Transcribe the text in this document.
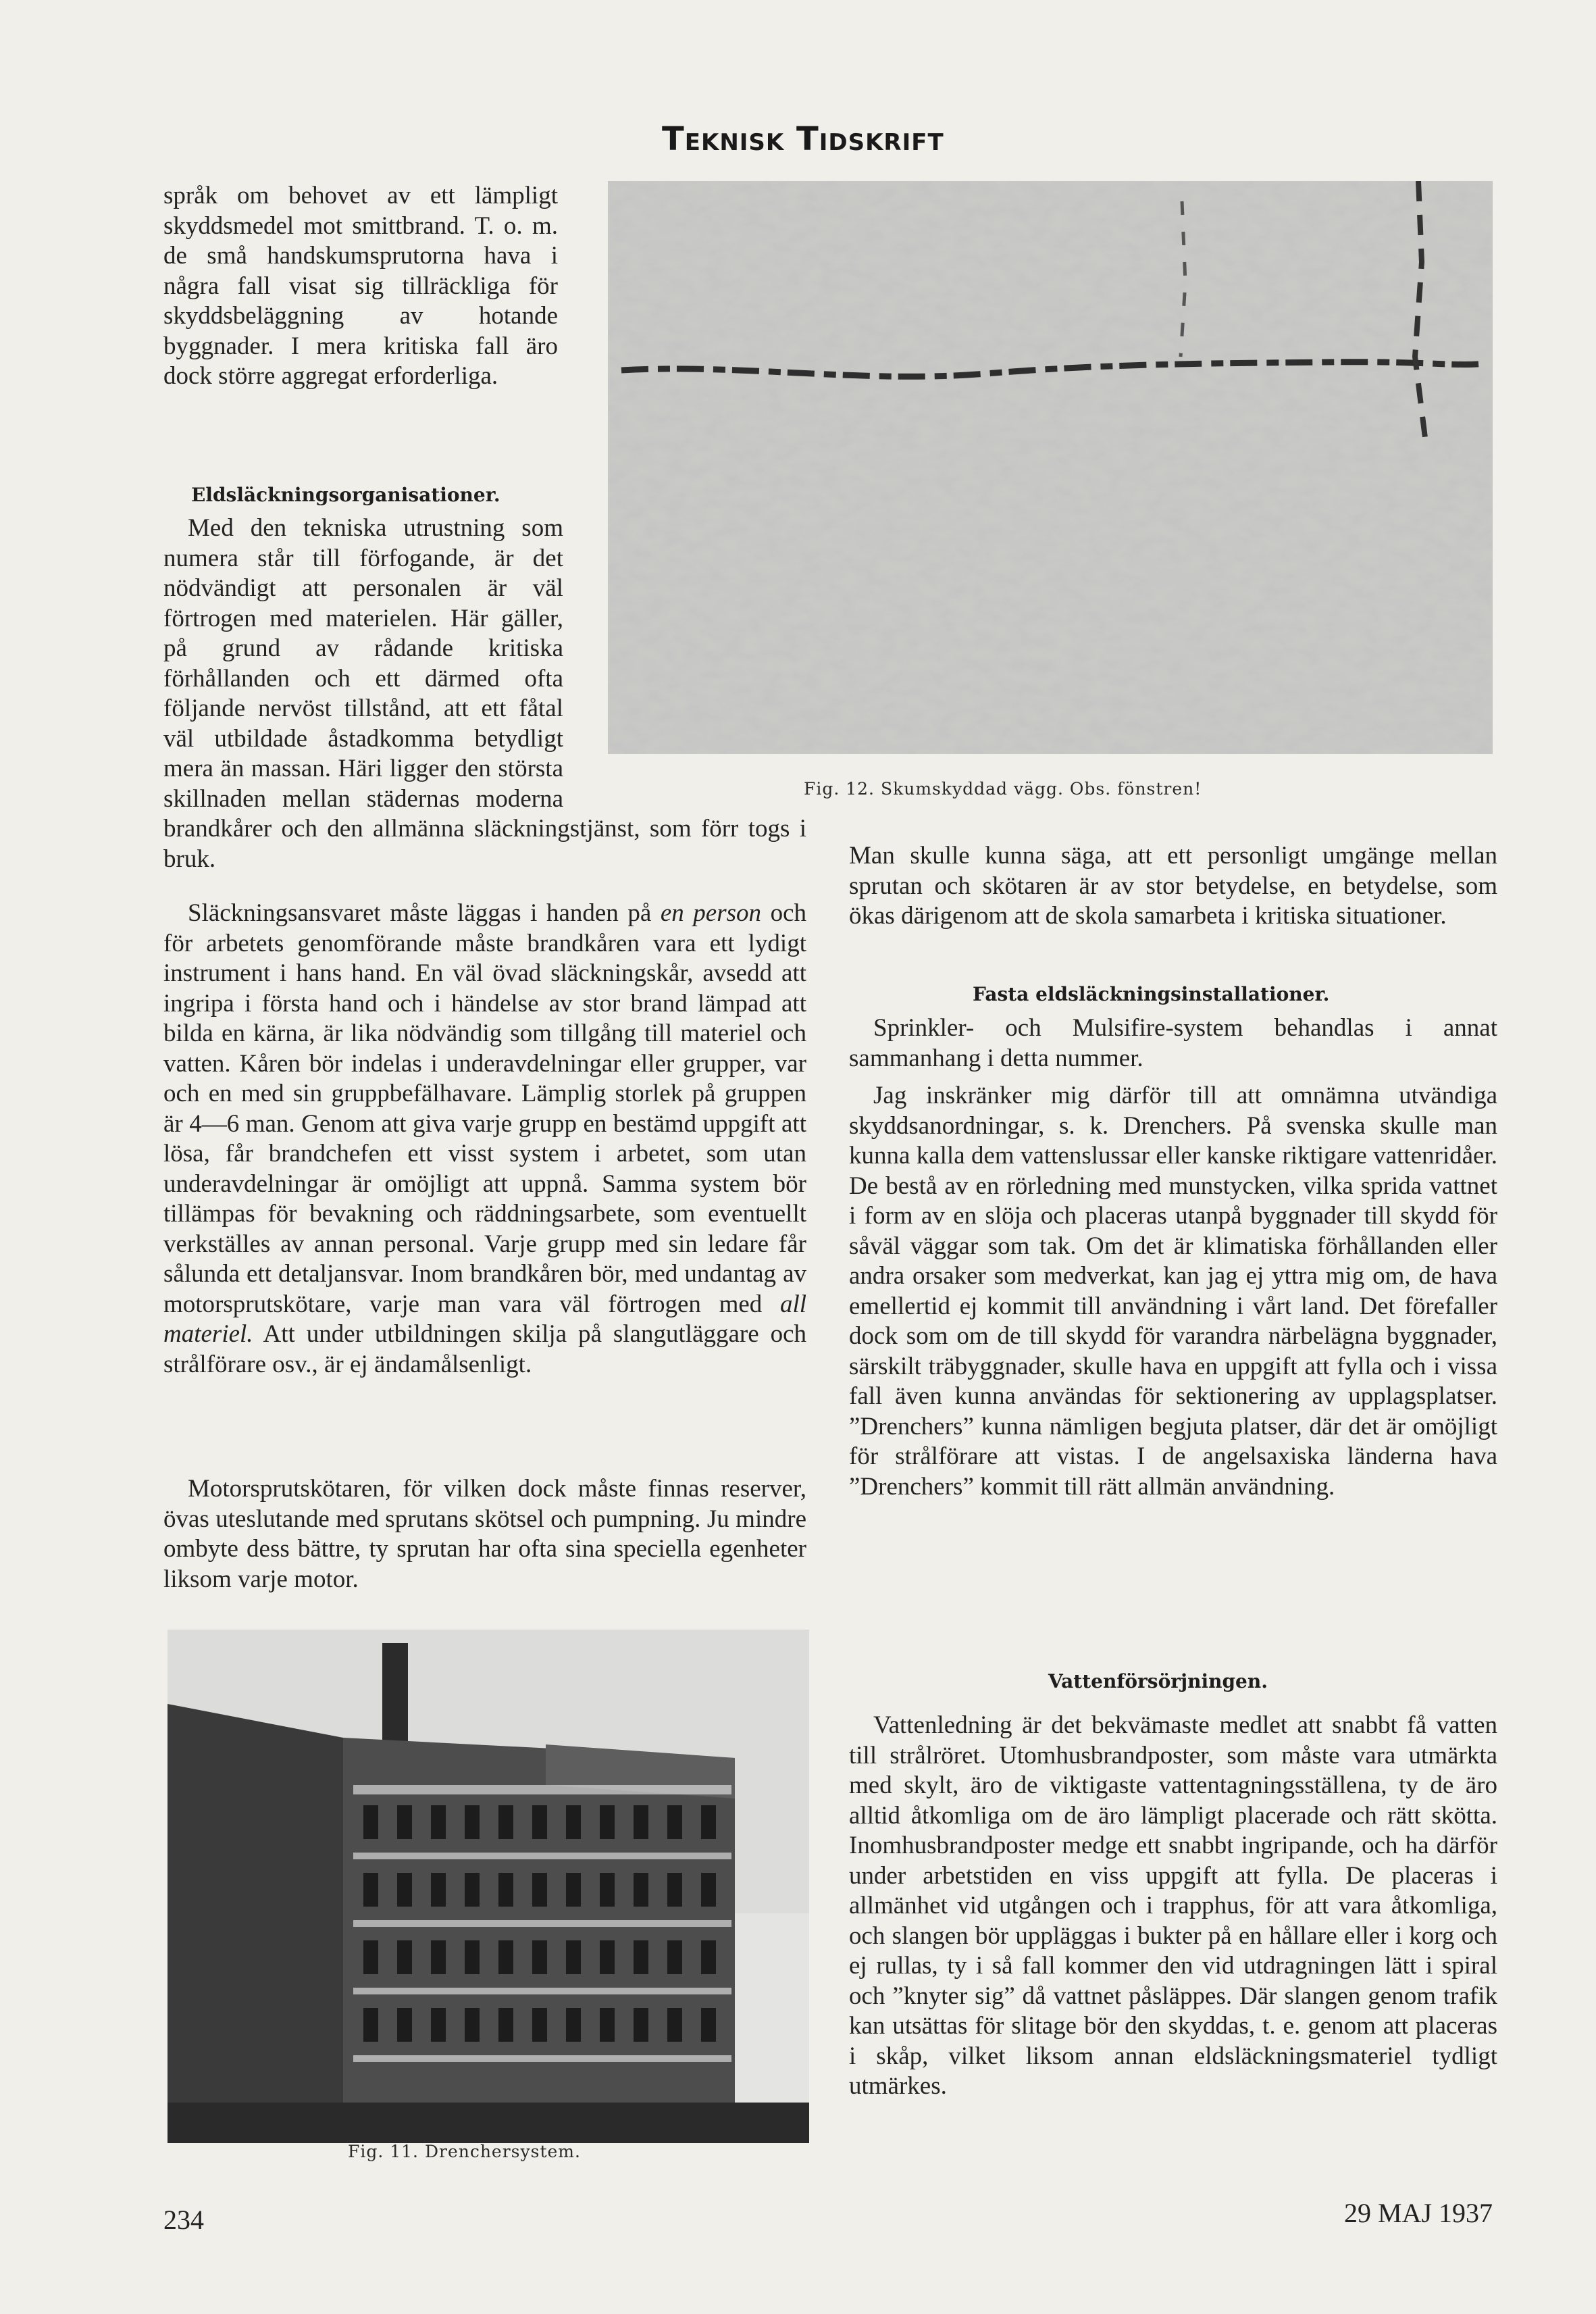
Teknisk Tidskrift

språk om behovet av ett lämpligt skyddsmedel mot smittbrand. T. o. m. de små handskumsprutorna hava i några fall visat sig tillräckliga för skyddsbeläggning av hotande byggnader. I mera kritiska fall äro dock större aggregat erforderliga.

Eldsläckningsorganisationer.

Med den tekniska utrustning som numera står till förfogande, är det nödvändigt att personalen är väl förtrogen med materielen. Här gäller, på grund av rådande kritiska förhållanden och ett därmed ofta följande nervöst tillstånd, att ett fåtal väl utbildade åstadkomma betydligt mera än massan. Häri ligger den största skillnaden mellan städernas moderna brandkårer och den allmänna släckningstjänst, som förr togs i bruk.
Släckningsansvaret måste läggas i handen på en person och för arbetets genomförande måste brandkåren vara ett lydigt instrument i hans hand. En väl övad släckningskår, avsedd att ingripa i första hand och i händelse av stor brand lämpad att bilda en kärna, är lika nödvändig som tillgång till materiel och vatten. Kåren bör indelas i underavdelningar eller grupper, var och en med sin gruppbefälhavare. Lämplig storlek på gruppen är 4—6 man. Genom att giva varje grupp en bestämd uppgift att lösa, får brandchefen ett visst system i arbetet, som utan underavdelningar är omöjligt att uppnå. Samma system bör tillämpas för bevakning och räddningsarbete, som eventuellt verkställes av annan personal. Varje grupp med sin ledare får sålunda ett detaljansvar. Inom brandkåren bör, med undantag av motorsprutskötare, varje man vara väl förtrogen med all materiel. Att under utbildningen skilja på slangutläggare och strålförare osv., är ej ändamålsenligt.

Motorsprutskötaren, för vilken dock måste finnas reserver, övas uteslutande med sprutans skötsel och pumpning. Ju mindre ombyte dess bättre, ty sprutan har ofta sina speciella egenheter liksom varje motor.

Fig. 11. Drenchersystem.

Fig. 12. Skumskyddad vägg. Obs. fönstren!

Man skulle kunna säga, att ett personligt umgänge mellan sprutan och skötaren är av stor betydelse, en betydelse, som ökas därigenom att de skola samarbeta i kritiska situationer.

Fasta eldsläckningsinstallationer.

Sprinkler- och Mulsifire-system behandlas i annat sammanhang i detta nummer.

Jag inskränker mig därför till att omnämna utvändiga skyddsanordningar, s. k. Drenchers. På svenska skulle man kunna kalla dem vattenslussar eller kanske riktigare vattenridåer. De bestå av en rörledning med munstycken, vilka sprida vattnet i form av en slöja och placeras utanpå byggnader till skydd för såväl väggar som tak. Om det är klimatiska förhållanden eller andra orsaker som medverkat, kan jag ej yttra mig om, de hava emellertid ej kommit till användning i vårt land. Det förefaller dock som om de till skydd för varandra närbelägna byggnader, särskilt träbyggnader, skulle hava en uppgift att fylla och i vissa fall även kunna användas för sektionering av upplagsplatser. ”Drenchers” kunna nämligen begjuta platser, där det är omöjligt för strålförare att vistas. I de angelsaxiska länderna hava ”Drenchers” kommit till rätt allmän användning.

Vattenförsörjningen.

Vattenledning är det bekvämaste medlet att snabbt få vatten till strålröret. Utomhusbrandposter, som måste vara utmärkta med skylt, äro de viktigaste vattentagningsställena, ty de äro alltid åtkomliga om de äro lämpligt placerade och rätt skötta. Inomhusbrandposter medge ett snabbt ingripande, och ha därför under arbetstiden en viss uppgift att fylla. De placeras i allmänhet vid utgången och i trapphus, för att vara åtkomliga, och slangen bör uppläggas i bukter på en hållare eller i korg och ej rullas, ty i så fall kommer den vid utdragningen lätt i spiral och ”knyter sig” då vattnet påsläppes. Där slangen genom trafik kan utsättas för slitage bör den skyddas, t. e. genom att placeras i skåp, vilket liksom annan eldsläckningsmateriel tydligt utmärkes.

234	29 MAJ 1937
